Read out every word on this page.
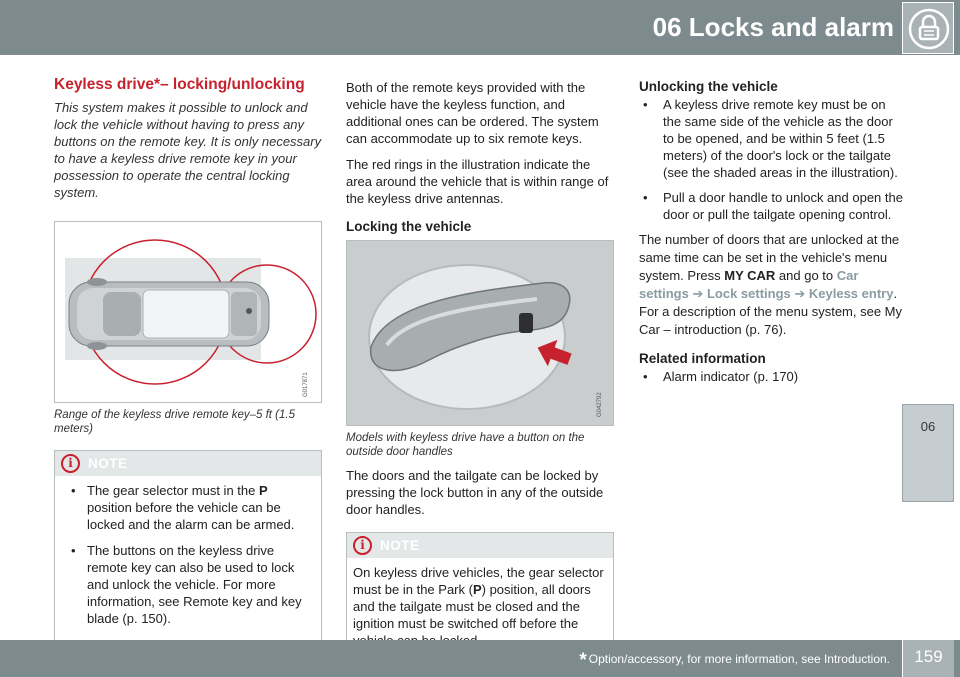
06 Locks and alarm
06
Keyless drive*– locking/unlocking
This system makes it possible to unlock and lock the vehicle without having to press any buttons on the remote key. It is only necessary to have a keyless drive remote key in your possession to operate the central locking system.
G017871
Range of the keyless drive remote key–5 ft (1.5 meters)
i	NOTE
• The gear selector must in the P position before the vehicle can be locked and the alarm can be armed.
• The buttons on the keyless drive remote key can also be used to lock and unlock the vehicle. For more information, see Remote key and key blade (p. 150).

Both of the remote keys provided with the vehicle have the keyless function, and additional ones can be ordered. The system can accommodate up to six remote keys.

The red rings in the illustration indicate the area around the vehicle that is within range of the keyless drive antennas.

Locking the vehicle
G042792
Models with keyless drive have a button on the outside door handles

The doors and the tailgate can be locked by pressing the lock button in any of the outside door handles.

i	NOTE

On keyless drive vehicles, the gear selector must be in the Park (P) position, all doors and the tailgate must be closed and the ignition must be switched off before the

Unlocking the vehicle
• A keyless drive remote key must be on the same side of the vehicle as the door to be opened, and be within 5 feet (1.5 meters) of the door's lock or the tailgate (see the shaded areas in the illustration).
• Pull a door handle to unlock and open the door or pull the tailgate opening control.

The number of doors that are unlocked at the same time can be set in the vehicle's menu system. Press MY CAR and go to Car settings ➔ Lock settings ➔ Keyless entry. For a description of the menu system, see My Car – introduction (p. 76).

Related information
• Alarm indicator (p. 170)
* Option/accessory, for more information, see Introduction.	159
